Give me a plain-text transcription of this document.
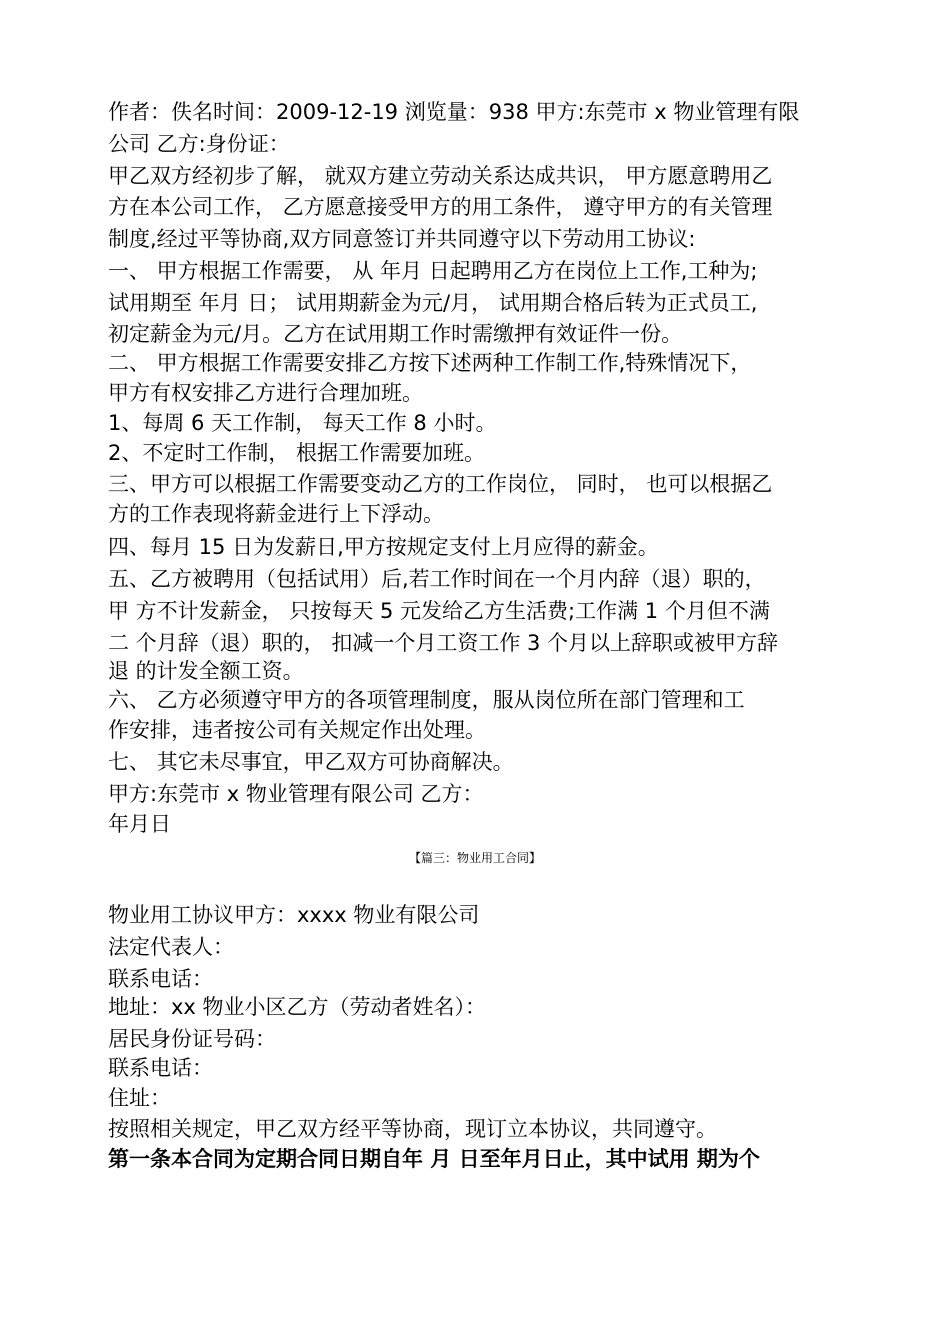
作者：佚名时间：2009-12-19 浏览量：938 甲方:东莞市 x 物业管理有限
公司 乙方:身份证：
甲乙双方经初步了解， 就双方建立劳动关系达成共识， 甲方愿意聘用乙
方在本公司工作， 乙方愿意接受甲方的用工条件， 遵守甲方的有关管理
制度,经过平等协商,双方同意签订并共同遵守以下劳动用工协议:
一、 甲方根据工作需要， 从 年月 日起聘用乙方在岗位上工作,工种为;
试用期至 年月 日； 试用期薪金为元/月， 试用期合格后转为正式员工,
初定薪金为元/月。乙方在试用期工作时需缴押有效证件一份。
二、 甲方根据工作需要安排乙方按下述两种工作制工作,特殊情况下，
甲方有权安排乙方进行合理加班。
1、每周 6 天工作制， 每天工作 8 小时。
2、不定时工作制， 根据工作需要加班。
三、甲方可以根据工作需要变动乙方的工作岗位， 同时， 也可以根据乙
方的工作表现将薪金进行上下浮动。
四、每月 15 日为发薪日,甲方按规定支付上月应得的薪金。
五、乙方被聘用（包括试用）后,若工作时间在一个月内辞（退）职的，
甲 方不计发薪金， 只按每天 5 元发给乙方生活费;工作满 1 个月但不满
二 个月辞（退）职的， 扣减一个月工资工作 3 个月以上辞职或被甲方辞
退 的计发全额工资。
六、 乙方必须遵守甲方的各项管理制度，服从岗位所在部门管理和工
作安排，违者按公司有关规定作出处理。
七、 其它未尽事宜，甲乙双方可协商解决。
甲方:东莞市 x 物业管理有限公司 乙方：
年月日
【篇三：物业用工合同】
物业用工协议甲方：xxxx 物业有限公司
法定代表人：
联系电话：
地址：xx 物业小区乙方（劳动者姓名）：
居民身份证号码：
联系电话：
住址：
按照相关规定，甲乙双方经平等协商，现订立本协议，共同遵守。
第一条本合同为定期合同日期自年 月 日至年月日止，其中试用 期为个
